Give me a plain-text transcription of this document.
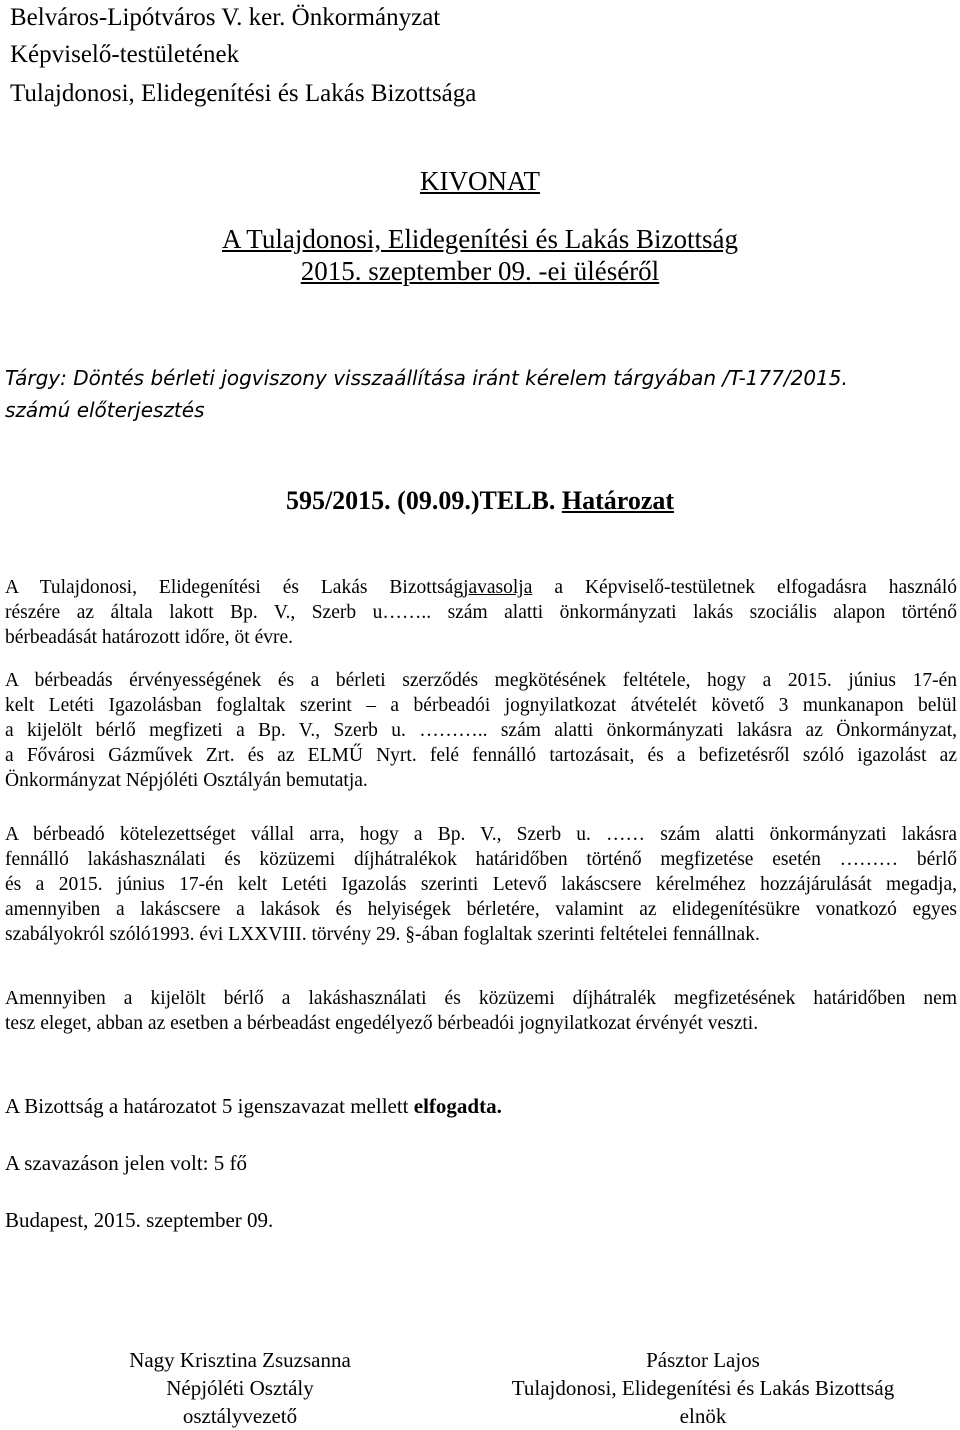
Belváros-Lipótváros V. ker. Önkormányzat
Képviselő-testületének
Tulajdonosi, Elidegenítési és Lakás Bizottsága
KIVONAT
A Tulajdonosi, Elidegenítési és Lakás Bizottság
2015. szeptember 09. -ei üléséről
Tárgy: Döntés bérleti jogviszony visszaállítása iránt kérelem tárgyában /T-177/2015.
számú előterjesztés
595/2015. (09.09.)TELB. Határozat
A Tulajdonosi, Elidegenítési és Lakás Bizottságjavasolja a Képviselő-testületnek elfogadásra használó
részére az általa lakott Bp. V., Szerb u…….. szám alatti önkormányzati lakás szociális alapon történő
bérbeadását határozott időre, öt évre.
A bérbeadás érvényességének és a bérleti szerződés megkötésének feltétele, hogy a 2015. június 17-én
kelt Letéti Igazolásban foglaltak szerint – a bérbeadói jognyilatkozat átvételét követő 3 munkanapon belül
a kijelölt bérlő megfizeti a Bp. V., Szerb u. ……….. szám alatti önkormányzati lakásra az Önkormányzat,
a Fővárosi Gázművek Zrt. és az ELMŰ Nyrt. felé fennálló tartozásait, és a befizetésről szóló igazolást az
Önkormányzat Népjóléti Osztályán bemutatja.
A bérbeadó kötelezettséget vállal arra, hogy a Bp. V., Szerb u. …… szám alatti önkormányzati lakásra
fennálló lakáshasználati és közüzemi díjhátralékok határidőben történő megfizetése esetén ……… bérlő
és a 2015. június 17-én kelt Letéti Igazolás szerinti Letevő lakáscsere kérelméhez hozzájárulását megadja,
amennyiben a lakáscsere a lakások és helyiségek bérletére, valamint az elidegenítésükre vonatkozó egyes
szabályokról szóló1993. évi LXXVIII. törvény 29. §-ában foglaltak szerinti feltételei fennállnak.
Amennyiben a kijelölt bérlő a lakáshasználati és közüzemi díjhátralék megfizetésének határidőben nem
tesz eleget, abban az esetben a bérbeadást engedélyező bérbeadói jognyilatkozat érvényét veszti.
A Bizottság a határozatot 5 igenszavazat mellett elfogadta.
A szavazáson jelen volt: 5 fő
Budapest, 2015. szeptember 09.
Nagy Krisztina Zsuzsanna
Népjóléti Osztály
osztályvezető
Pásztor Lajos
Tulajdonosi, Elidegenítési és Lakás Bizottság
elnök
